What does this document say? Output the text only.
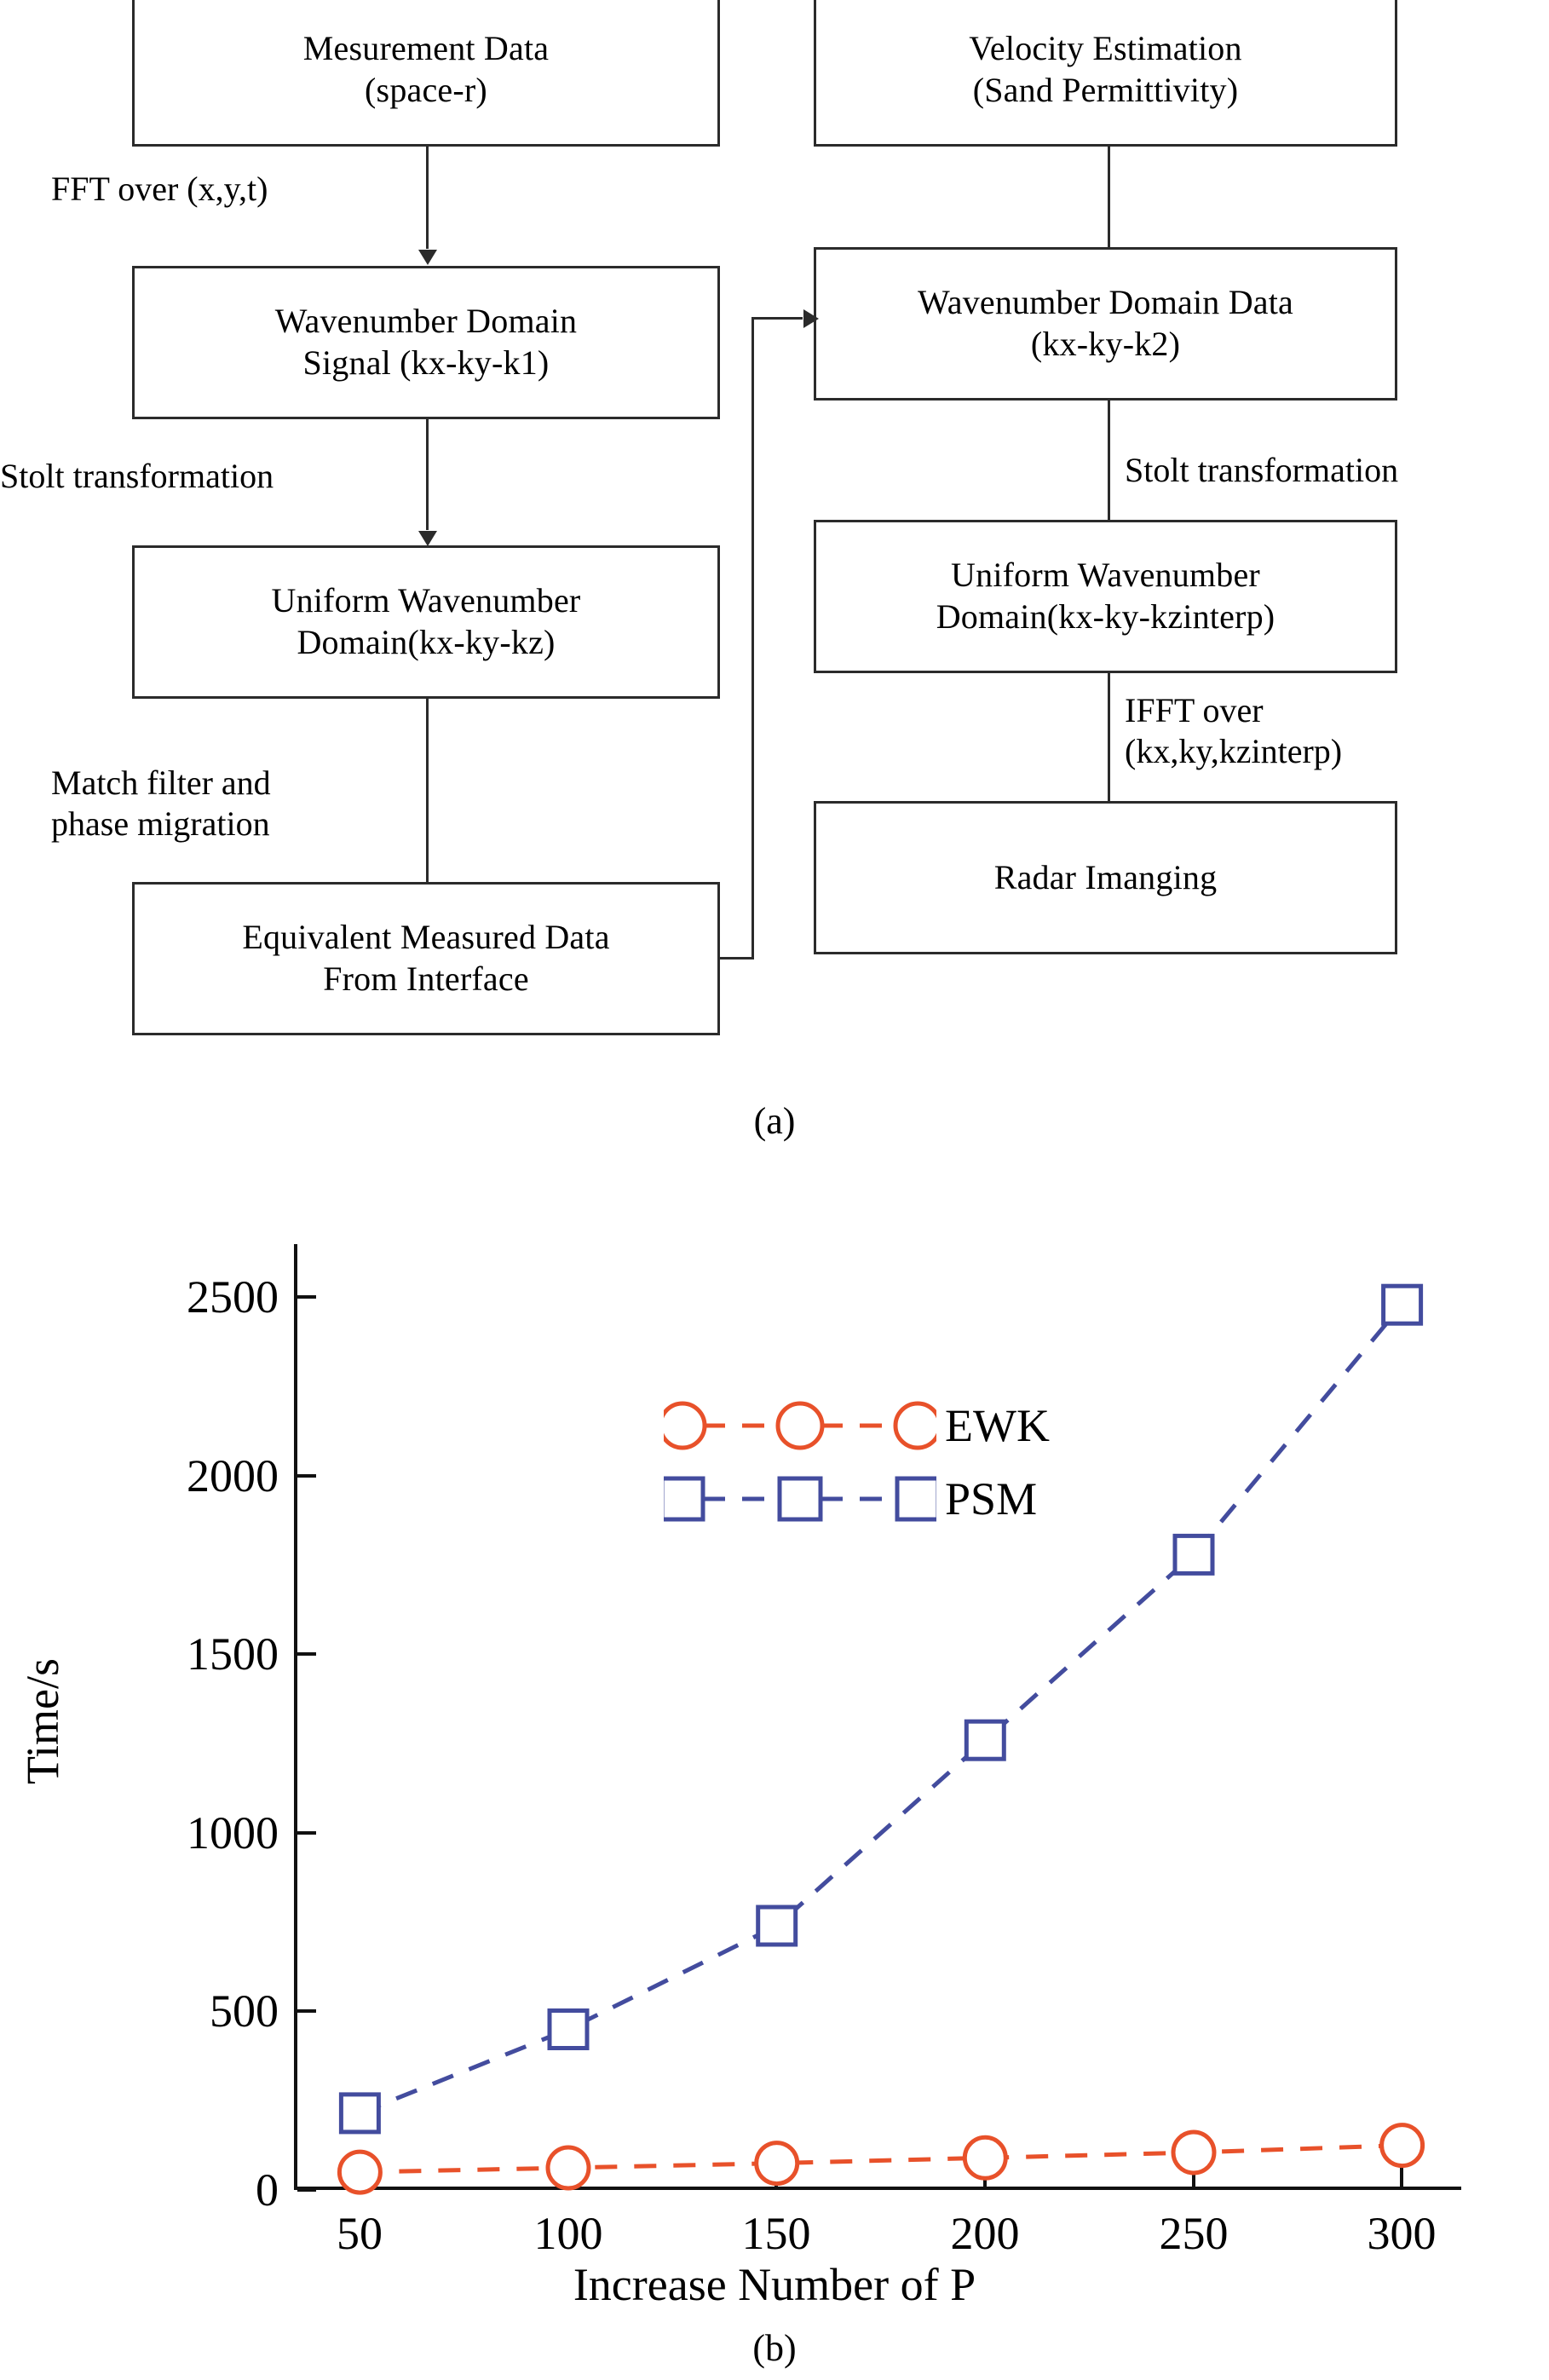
Mesurement Data
(space-r)
Velocity Estimation
(Sand Permittivity)
FFT over (x,y,t)
Wavenumber Domain
Signal (kx-ky-k1)
Wavenumber Domain Data
(kx-ky-k2)
Stolt transformation	Stolt transformation
Uniform Wavenumber
Domain(kx-ky-kz)
Uniform Wavenumber
Domain(kx-ky-kzinterp)
Match filter and
phase migration
IFFT over
(kx,ky,kzinterp)
Equivalent Measured Data
From Interface
Radar Imanging
(a)
Time/s
0
500
1000
1500
2000
2500
50	100	150	200	250	300
EWK
PSM
Increase Number of P
(b)
